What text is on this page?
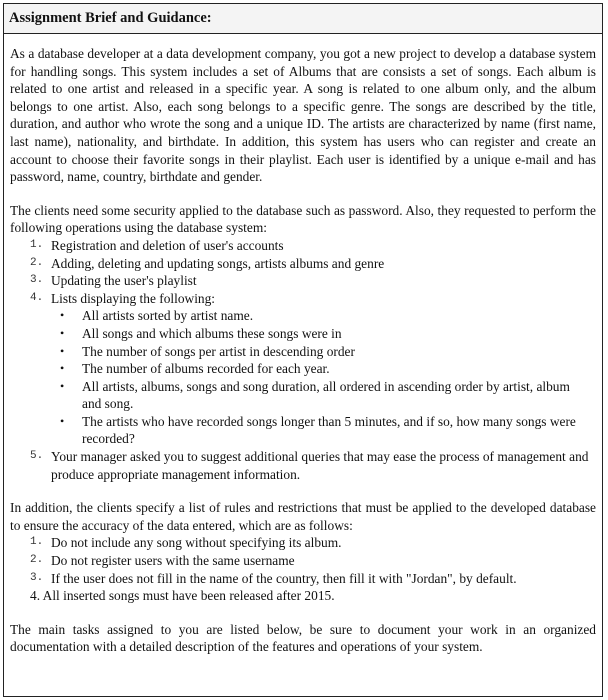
Assignment Brief and Guidance:

As a database developer at a data development company, you got a new project to develop a database system for handling songs. This system includes a set of Albums that are consists a set of songs. Each album is related to one artist and released in a specific year. A song is related to one album only, and the album belongs to one artist. Also, each song belongs to a specific genre. The songs are described by the title, duration, and author who wrote the song and a unique ID. The artists are characterized by name (first name, last name), nationality, and birthdate. In addition, this system has users who can register and create an account to choose their favorite songs in their playlist. Each user is identified by a unique e-mail and has password, name, country, birthdate and gender.

The clients need some security applied to the database such as password. Also, they requested to perform the following operations using the database system:

1. Registration and deletion of user's accounts
2. Adding, deleting and updating songs, artists albums and genre
3. Updating the user's playlist
4. Lists displaying the following:
•	All artists sorted by artist name.
•	All songs and which albums these songs were in
•	The number of songs per artist in descending order
•	The number of albums recorded for each year.
•	All artists, albums, songs and song duration, all ordered in ascending order by artist, album and song.
•	The artists who have recorded songs longer than 5 minutes, and if so, how many songs were recorded?
5. Your manager asked you to suggest additional queries that may ease the process of management and produce appropriate management information.

In addition, the clients specify a list of rules and restrictions that must be applied to the developed database to ensure the accuracy of the data entered, which are as follows:

1. Do not include any song without specifying its album.
2. Do not register users with the same username
3. If the user does not fill in the name of the country, then fill it with "Jordan", by default.
4. All inserted songs must have been released after 2015.

The main tasks assigned to you are listed below, be sure to document your work in an organized documentation with a detailed description of the features and operations of your system.
